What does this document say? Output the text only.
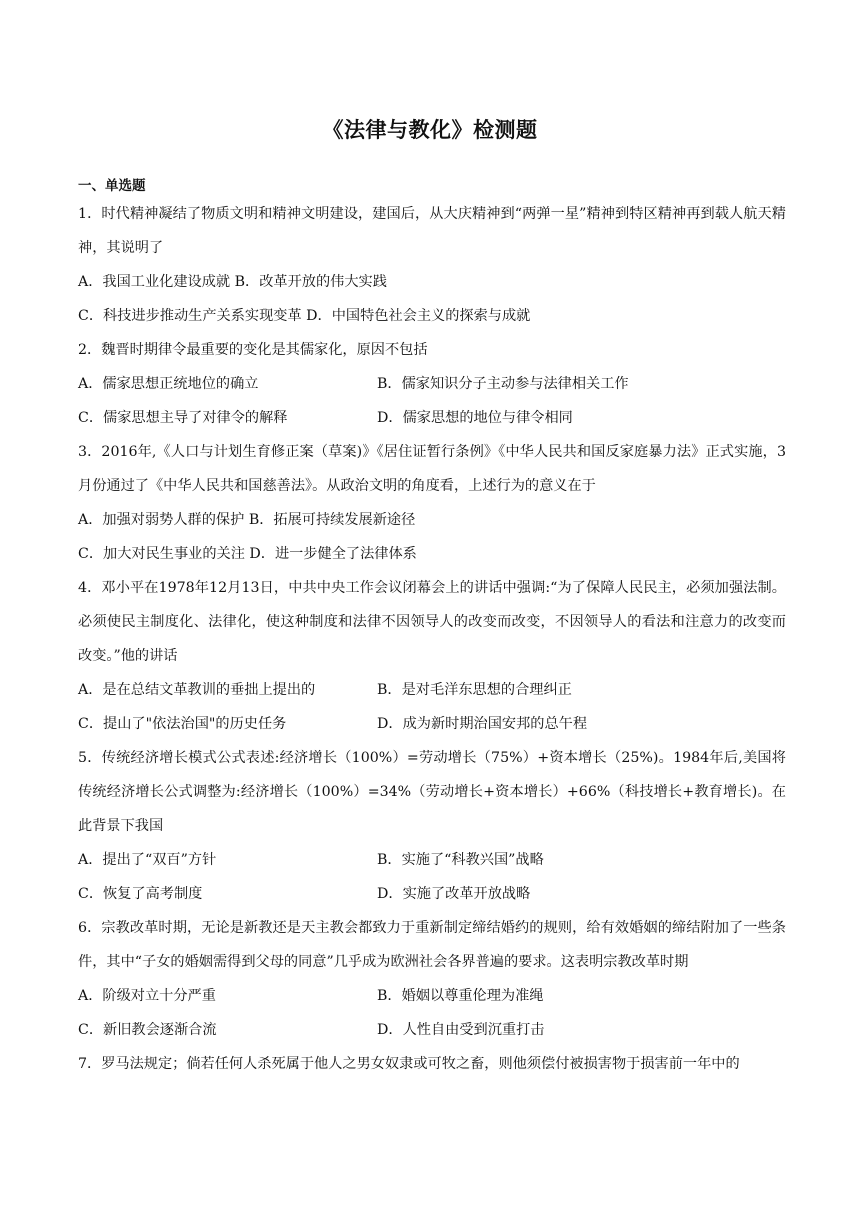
《法律与教化》检测题
一、单选题

1．时代精神凝结了物质文明和精神文明建设，建国后，从大庆精神到“两弹一星”精神到特区精神再到载人航天精神，其说明了

A．我国工业化建设成就 B．改革开放的伟大实践
C．科技进步推动生产关系实现变革 D．中国特色社会主义的探索与成就

2．魏晋时期律令最重要的变化是其儒家化，原因不包括

A．儒家思想正统地位的确立	B．儒家知识分子主动参与法律相关工作
C．儒家思想主导了对律令的解释	D．儒家思想的地位与律令相同

3．2016年,《人口与计划生育修正案（草案)》《居住证暂行条例》《中华人民共和国反家庭暴力法》正式实施，3月份通过了《中华人民共和国慈善法》。从政治文明的角度看，上述行为的意义在于

A．加强对弱势人群的保护 B．拓展可持续发展新途径
C．加大对民生事业的关注 D．进一步健全了法律体系

4．邓小平在1978年12月13日，中共中央工作会议闭幕会上的讲话中强调:“为了保障人民民主，必须加强法制。必须使民主制度化、法律化，使这种制度和法律不因领导人的改变而改变，不因领导人的看法和注意力的改变而改变。”他的讲话

A．是在总结文革教训的垂拙上提出的	B．是对毛洋东思想的合理纠正
C．提山了"依法治国"的历史任务	D．成为新时期治国安邦的总午程

5．传统经济增长模式公式表述:经济增长（100%）=劳动增长（75%）+资本增长（25%)。1984年后,美国将传统经济增长公式调整为:经济增长（100%）=34%（劳动增长+资本增长）+66%（科技增长+教育增长)。在此背景下我国

A．提出了“双百”方针	B．实施了“科教兴国”战略
C．恢复了高考制度	D．实施了改革开放战略

6．宗教改革时期，无论是新教还是天主教会都致力于重新制定缔结婚约的规则，给有效婚姻的缔结附加了一些条件，其中“子女的婚姻需得到父母的同意”几乎成为欧洲社会各界普遍的要求。这表明宗教改革时期

A．阶级对立十分严重	B．婚姻以尊重伦理为准绳
C．新旧教会逐渐合流	D．人性自由受到沉重打击

7．罗马法规定；倘若任何人杀死属于他人之男女奴隶或可牧之畜，则他须偿付被损害物于损害前一年中的
